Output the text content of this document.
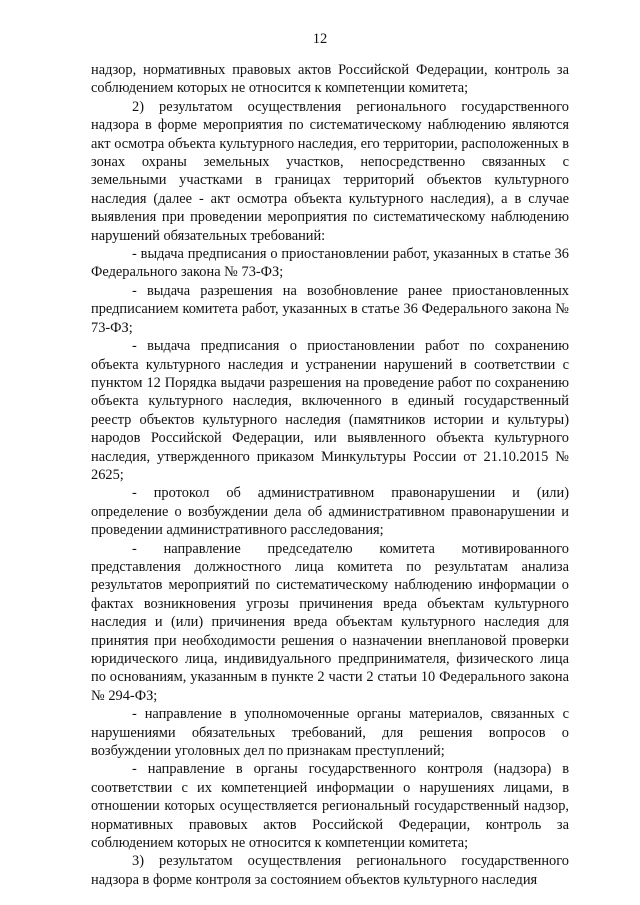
12

надзор, нормативных правовых актов Российской Федерации, контроль за соблюдением которых не относится к компетенции комитета;

2) результатом осуществления регионального государственного надзора в форме мероприятия по систематическому наблюдению являются акт осмотра объекта культурного наследия, его территории, расположенных в зонах охраны земельных участков, непосредственно связанных с земельными участками в границах территорий объектов культурного наследия (далее - акт осмотра объекта культурного наследия), а в случае выявления при проведении мероприятия по систематическому наблюдению нарушений обязательных требований:

- выдача предписания о приостановлении работ, указанных в статье 36 Федерального закона № 73-ФЗ;

- выдача разрешения на возобновление ранее приостановленных предписанием комитета работ, указанных в статье 36 Федерального закона № 73-ФЗ;

- выдача предписания о приостановлении работ по сохранению объекта культурного наследия и устранении нарушений в соответствии с пунктом 12 Порядка выдачи разрешения на проведение работ по сохранению объекта культурного наследия, включенного в единый государственный реестр объектов культурного наследия (памятников истории и культуры) народов Российской Федерации, или выявленного объекта культурного наследия, утвержденного приказом Минкультуры России от 21.10.2015 № 2625;

- протокол об административном правонарушении и (или) определение о возбуждении дела об административном правонарушении и проведении административного расследования;

- направление председателю комитета мотивированного представления должностного лица комитета по результатам анализа результатов мероприятий по систематическому наблюдению информации о фактах возникновения угрозы причинения вреда объектам культурного наследия и (или) причинения вреда объектам культурного наследия для принятия при необходимости решения о назначении внеплановой проверки юридического лица, индивидуального предпринимателя, физического лица по основаниям, указанным в пункте 2 части 2 статьи 10 Федерального закона № 294-ФЗ;

- направление в уполномоченные органы материалов, связанных с нарушениями обязательных требований, для решения вопросов о возбуждении уголовных дел по признакам преступлений;

- направление в органы государственного контроля (надзора) в соответствии с их компетенцией информации о нарушениях лицами, в отношении которых осуществляется региональный государственный надзор, нормативных правовых актов Российской Федерации, контроль за соблюдением которых не относится к компетенции комитета;

3) результатом осуществления регионального государственного надзора в форме контроля за состоянием объектов культурного наследия
